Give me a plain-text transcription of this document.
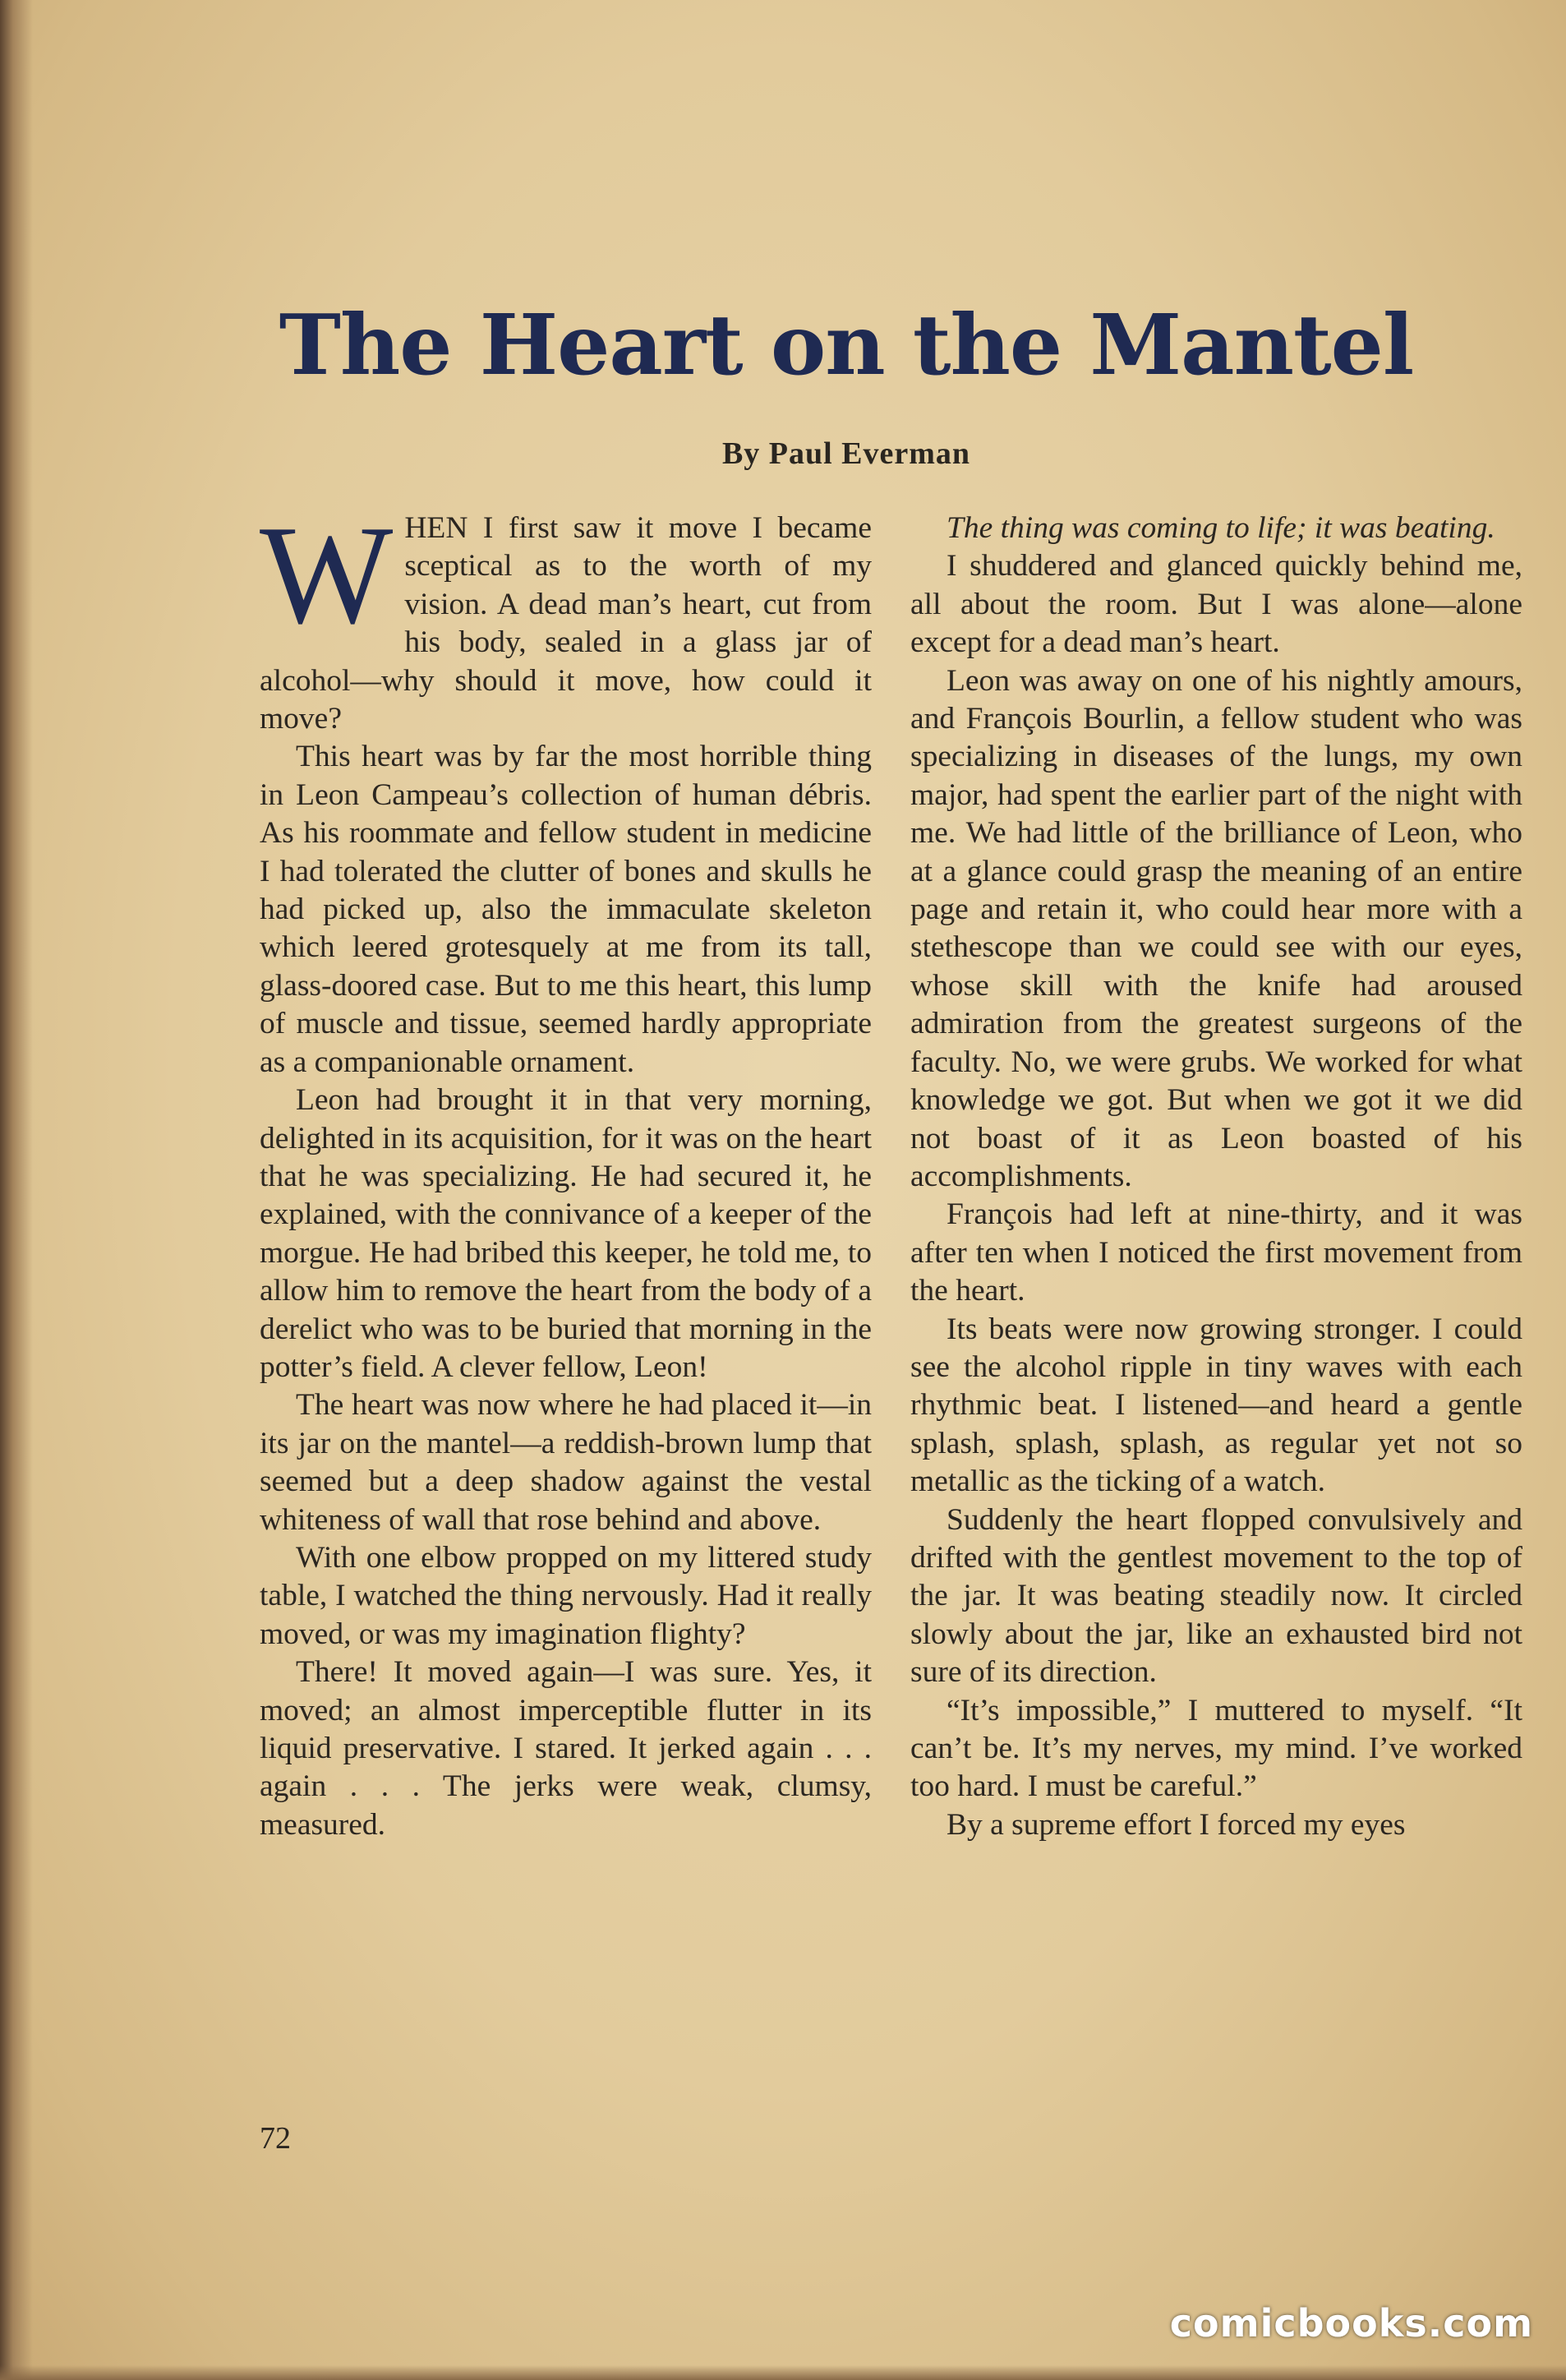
The Heart on the Mantel
By Paul Everman

WHEN I first saw it move I became sceptical as to the worth of my vision. A dead man’s heart, cut from his body, sealed in a glass jar of alcohol—why should it move, how could it move?

This heart was by far the most horrible thing in Leon Campeau’s collection of human débris. As his roommate and fellow student in medicine I had tolerated the clutter of bones and skulls he had picked up, also the immaculate skeleton which leered grotesquely at me from its tall, glass-doored case. But to me this heart, this lump of muscle and tissue, seemed hardly appropriate as a companionable ornament.

Leon had brought it in that very morning, delighted in its acquisition, for it was on the heart that he was specializing. He had secured it, he explained, with the connivance of a keeper of the morgue. He had bribed this keeper, he told me, to allow him to remove the heart from the body of a derelict who was to be buried that morning in the potter’s field. A clever fellow, Leon!

The heart was now where he had placed it—in its jar on the mantel—a reddish-brown lump that seemed but a deep shadow against the vestal whiteness of wall that rose behind and above.

With one elbow propped on my littered study table, I watched the thing nervously. Had it really moved, or was my imagination flighty?

There! It moved again—I was sure. Yes, it moved; an almost imperceptible flutter in its liquid preservative. I stared. It jerked again . . . again . . . The jerks were weak, clumsy, measured.

The thing was coming to life; it was beating.

I shuddered and glanced quickly behind me, all about the room. But I was alone—alone except for a dead man’s heart.

Leon was away on one of his nightly amours, and François Bourlin, a fellow student who was specializing in diseases of the lungs, my own major, had spent the earlier part of the night with me. We had little of the brilliance of Leon, who at a glance could grasp the meaning of an entire page and retain it, who could hear more with a stethescope than we could see with our eyes, whose skill with the knife had aroused admiration from the greatest surgeons of the faculty. No, we were grubs. We worked for what knowledge we got. But when we got it we did not boast of it as Leon boasted of his accomplishments.

François had left at nine-thirty, and it was after ten when I noticed the first movement from the heart.

Its beats were now growing stronger. I could see the alcohol ripple in tiny waves with each rhythmic beat. I listened—and heard a gentle splash, splash, splash, as regular yet not so metallic as the ticking of a watch.

Suddenly the heart flopped convulsively and drifted with the gentlest movement to the top of the jar. It was beating steadily now. It circled slowly about the jar, like an exhausted bird not sure of its direction.

“It’s impossible,” I muttered to myself. “It can’t be. It’s my nerves, my mind. I’ve worked too hard. I must be careful.”

By a supreme effort I forced my eyes

72
comicbooks.com
